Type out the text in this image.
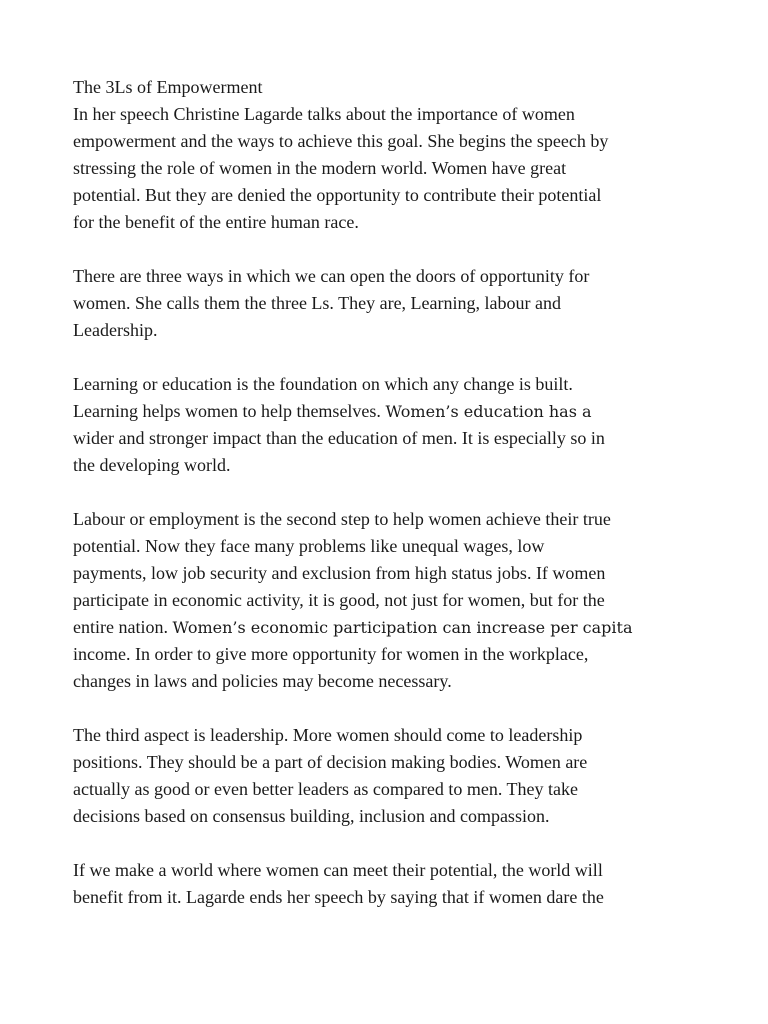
The 3Ls of Empowerment

In her speech Christine Lagarde talks about the importance of women
empowerment and the ways to achieve this goal. She begins the speech by
stressing the role of women in the modern world. Women have great
potential. But they are denied the opportunity to contribute their potential
for the benefit of the entire human race.

There are three ways in which we can open the doors of opportunity for
women. She calls them the three Ls. They are, Learning, labour and
Leadership.

Learning or education is the foundation on which any change is built.
Learning helps women to help themselves. Women’s education has a
wider and stronger impact than the education of men. It is especially so in
the developing world.

Labour or employment is the second step to help women achieve their true
potential. Now they face many problems like unequal wages, low
payments, low job security and exclusion from high status jobs. If women
participate in economic activity, it is good, not just for women, but for the
entire nation. Women’s economic participation can increase per capita
income. In order to give more opportunity for women in the workplace,
changes in laws and policies may become necessary.

The third aspect is leadership. More women should come to leadership
positions. They should be a part of decision making bodies. Women are
actually as good or even better leaders as compared to men. They take
decisions based on consensus building, inclusion and compassion.

If we make a world where women can meet their potential, the world will
benefit from it. Lagarde ends her speech by saying that if women dare the
